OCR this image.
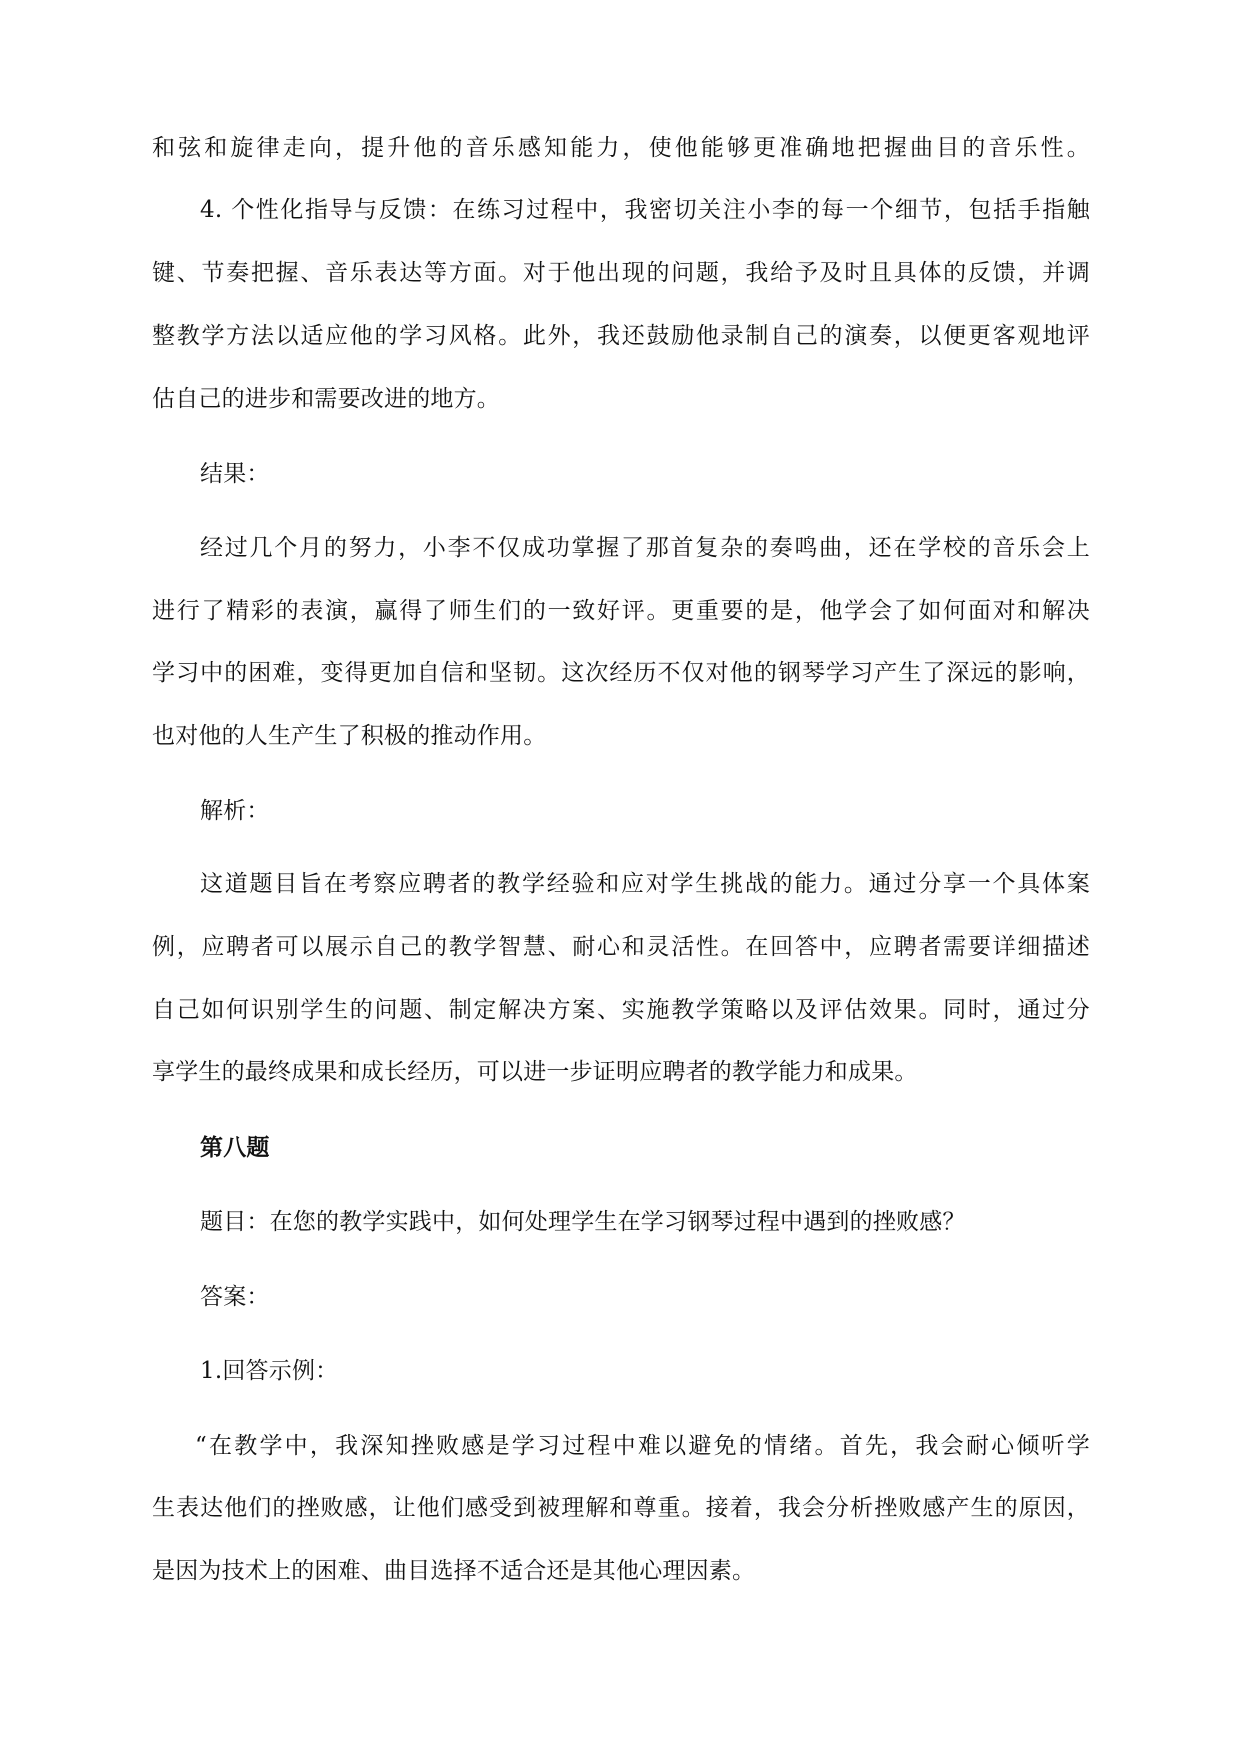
和弦和旋律走向，提升他的音乐感知能力，使他能够更准确地把握曲目的音乐性。
4. 个性化指导与反馈：在练习过程中，我密切关注小李的每一个细节，包括手指触
键、节奏把握、音乐表达等方面。对于他出现的问题，我给予及时且具体的反馈，并调
整教学方法以适应他的学习风格。此外，我还鼓励他录制自己的演奏，以便更客观地评
估自己的进步和需要改进的地方。
结果：
经过几个月的努力，小李不仅成功掌握了那首复杂的奏鸣曲，还在学校的音乐会上
进行了精彩的表演，赢得了师生们的一致好评。更重要的是，他学会了如何面对和解决
学习中的困难，变得更加自信和坚韧。这次经历不仅对他的钢琴学习产生了深远的影响，
也对他的人生产生了积极的推动作用。
解析：
这道题目旨在考察应聘者的教学经验和应对学生挑战的能力。通过分享一个具体案
例，应聘者可以展示自己的教学智慧、耐心和灵活性。在回答中，应聘者需要详细描述
自己如何识别学生的问题、制定解决方案、实施教学策略以及评估效果。同时，通过分
享学生的最终成果和成长经历，可以进一步证明应聘者的教学能力和成果。
第八题
题目：在您的教学实践中，如何处理学生在学习钢琴过程中遇到的挫败感？
答案：
1.回答示例：
“在教学中，我深知挫败感是学习过程中难以避免的情绪。首先，我会耐心倾听学
生表达他们的挫败感，让他们感受到被理解和尊重。接着，我会分析挫败感产生的原因，
是因为技术上的困难、曲目选择不适合还是其他心理因素。
